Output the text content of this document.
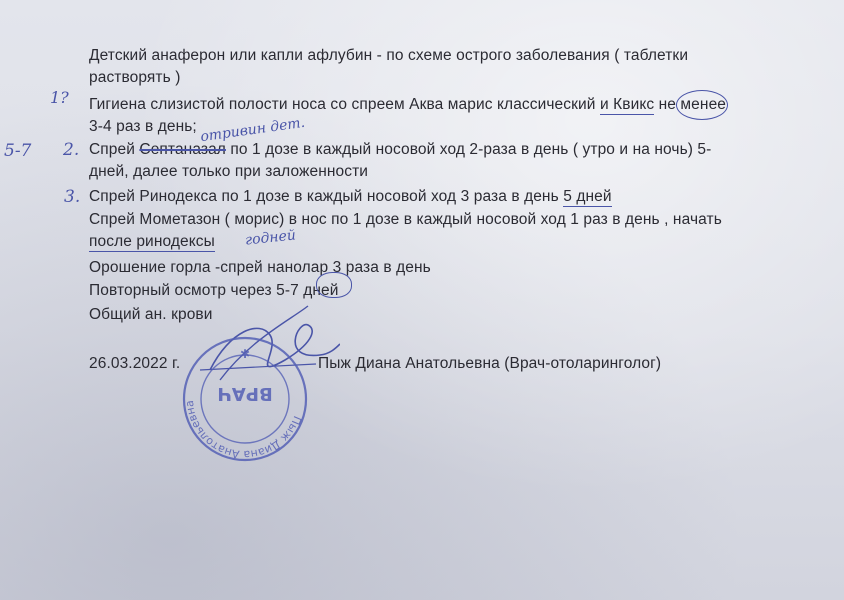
Детский анаферон или капли афлубин - по схеме острого заболевания ( таблетки
растворять )
Гигиена слизистой полости носа со спреем Аква марис классический и Квикс не менее
3-4 раз в день;
Спрей Септаназал по 1 дозе в каждый носовой ход 2-раза в день ( утро и на ночь) 5-
дней, далее только при заложенности
Спрей Ринодекса по 1 дозе в каждый носовой ход 3 раза в день 5 дней
Спрей Мометазон ( морис) в нос по 1 дозе в каждый носовой ход 1 раз в день , начать
после ринодексы
Орошение горла -спрей нанолар 3 раза в день
Повторный осмотр через 5-7 дней
Общий ан. крови
26.03.2022 г.	Пыж Диана Анатольевна (Врач-отоларинголог)
1?
2.
5-7
3.
отривин дет.
годней
Пыж Диана Анатольевна	ВРАЧ
✱
